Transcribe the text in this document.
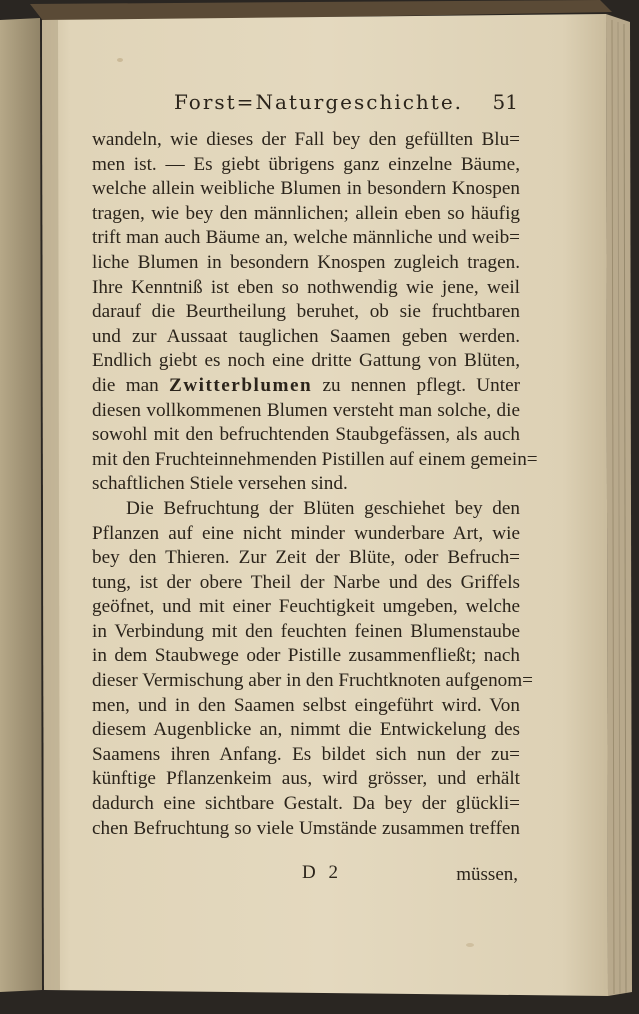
Forst=Naturgeschichte. 51
wandeln, wie dieses der Fall bey den gefüllten Blu=
men ist. — Es giebt übrigens ganz einzelne Bäume,
welche allein weibliche Blumen in besondern Knospen
tragen, wie bey den männlichen; allein eben so häufig
trift man auch Bäume an, welche männliche und weib=
liche Blumen in besondern Knospen zugleich tragen.
Ihre Kenntniß ist eben so nothwendig wie jene, weil
darauf die Beurtheilung beruhet, ob sie fruchtbaren
und zur Aussaat tauglichen Saamen geben werden.
Endlich giebt es noch eine dritte Gattung von Blüten,
die man Zwitterblumen zu nennen pflegt. Unter
diesen vollkommenen Blumen versteht man solche, die
sowohl mit den befruchtenden Staubgefässen, als auch
mit den Fruchteinnehmenden Pistillen auf einem gemein=
schaftlichen Stiele versehen sind.
Die Befruchtung der Blüten geschiehet bey den
Pflanzen auf eine nicht minder wunderbare Art, wie
bey den Thieren. Zur Zeit der Blüte, oder Befruch=
tung, ist der obere Theil der Narbe und des Griffels
geöfnet, und mit einer Feuchtigkeit umgeben, welche
in Verbindung mit den feuchten feinen Blumenstaube
in dem Staubwege oder Pistille zusammenfließt; nach
dieser Vermischung aber in den Fruchtknoten aufgenom=
men, und in den Saamen selbst eingeführt wird. Von
diesem Augenblicke an, nimmt die Entwickelung des
Saamens ihren Anfang. Es bildet sich nun der zu=
künftige Pflanzenkeim aus, wird grösser, und erhält
dadurch eine sichtbare Gestalt. Da bey der glückli=
chen Befruchtung so viele Umstände zusammen treffen
D 2	müssen,
